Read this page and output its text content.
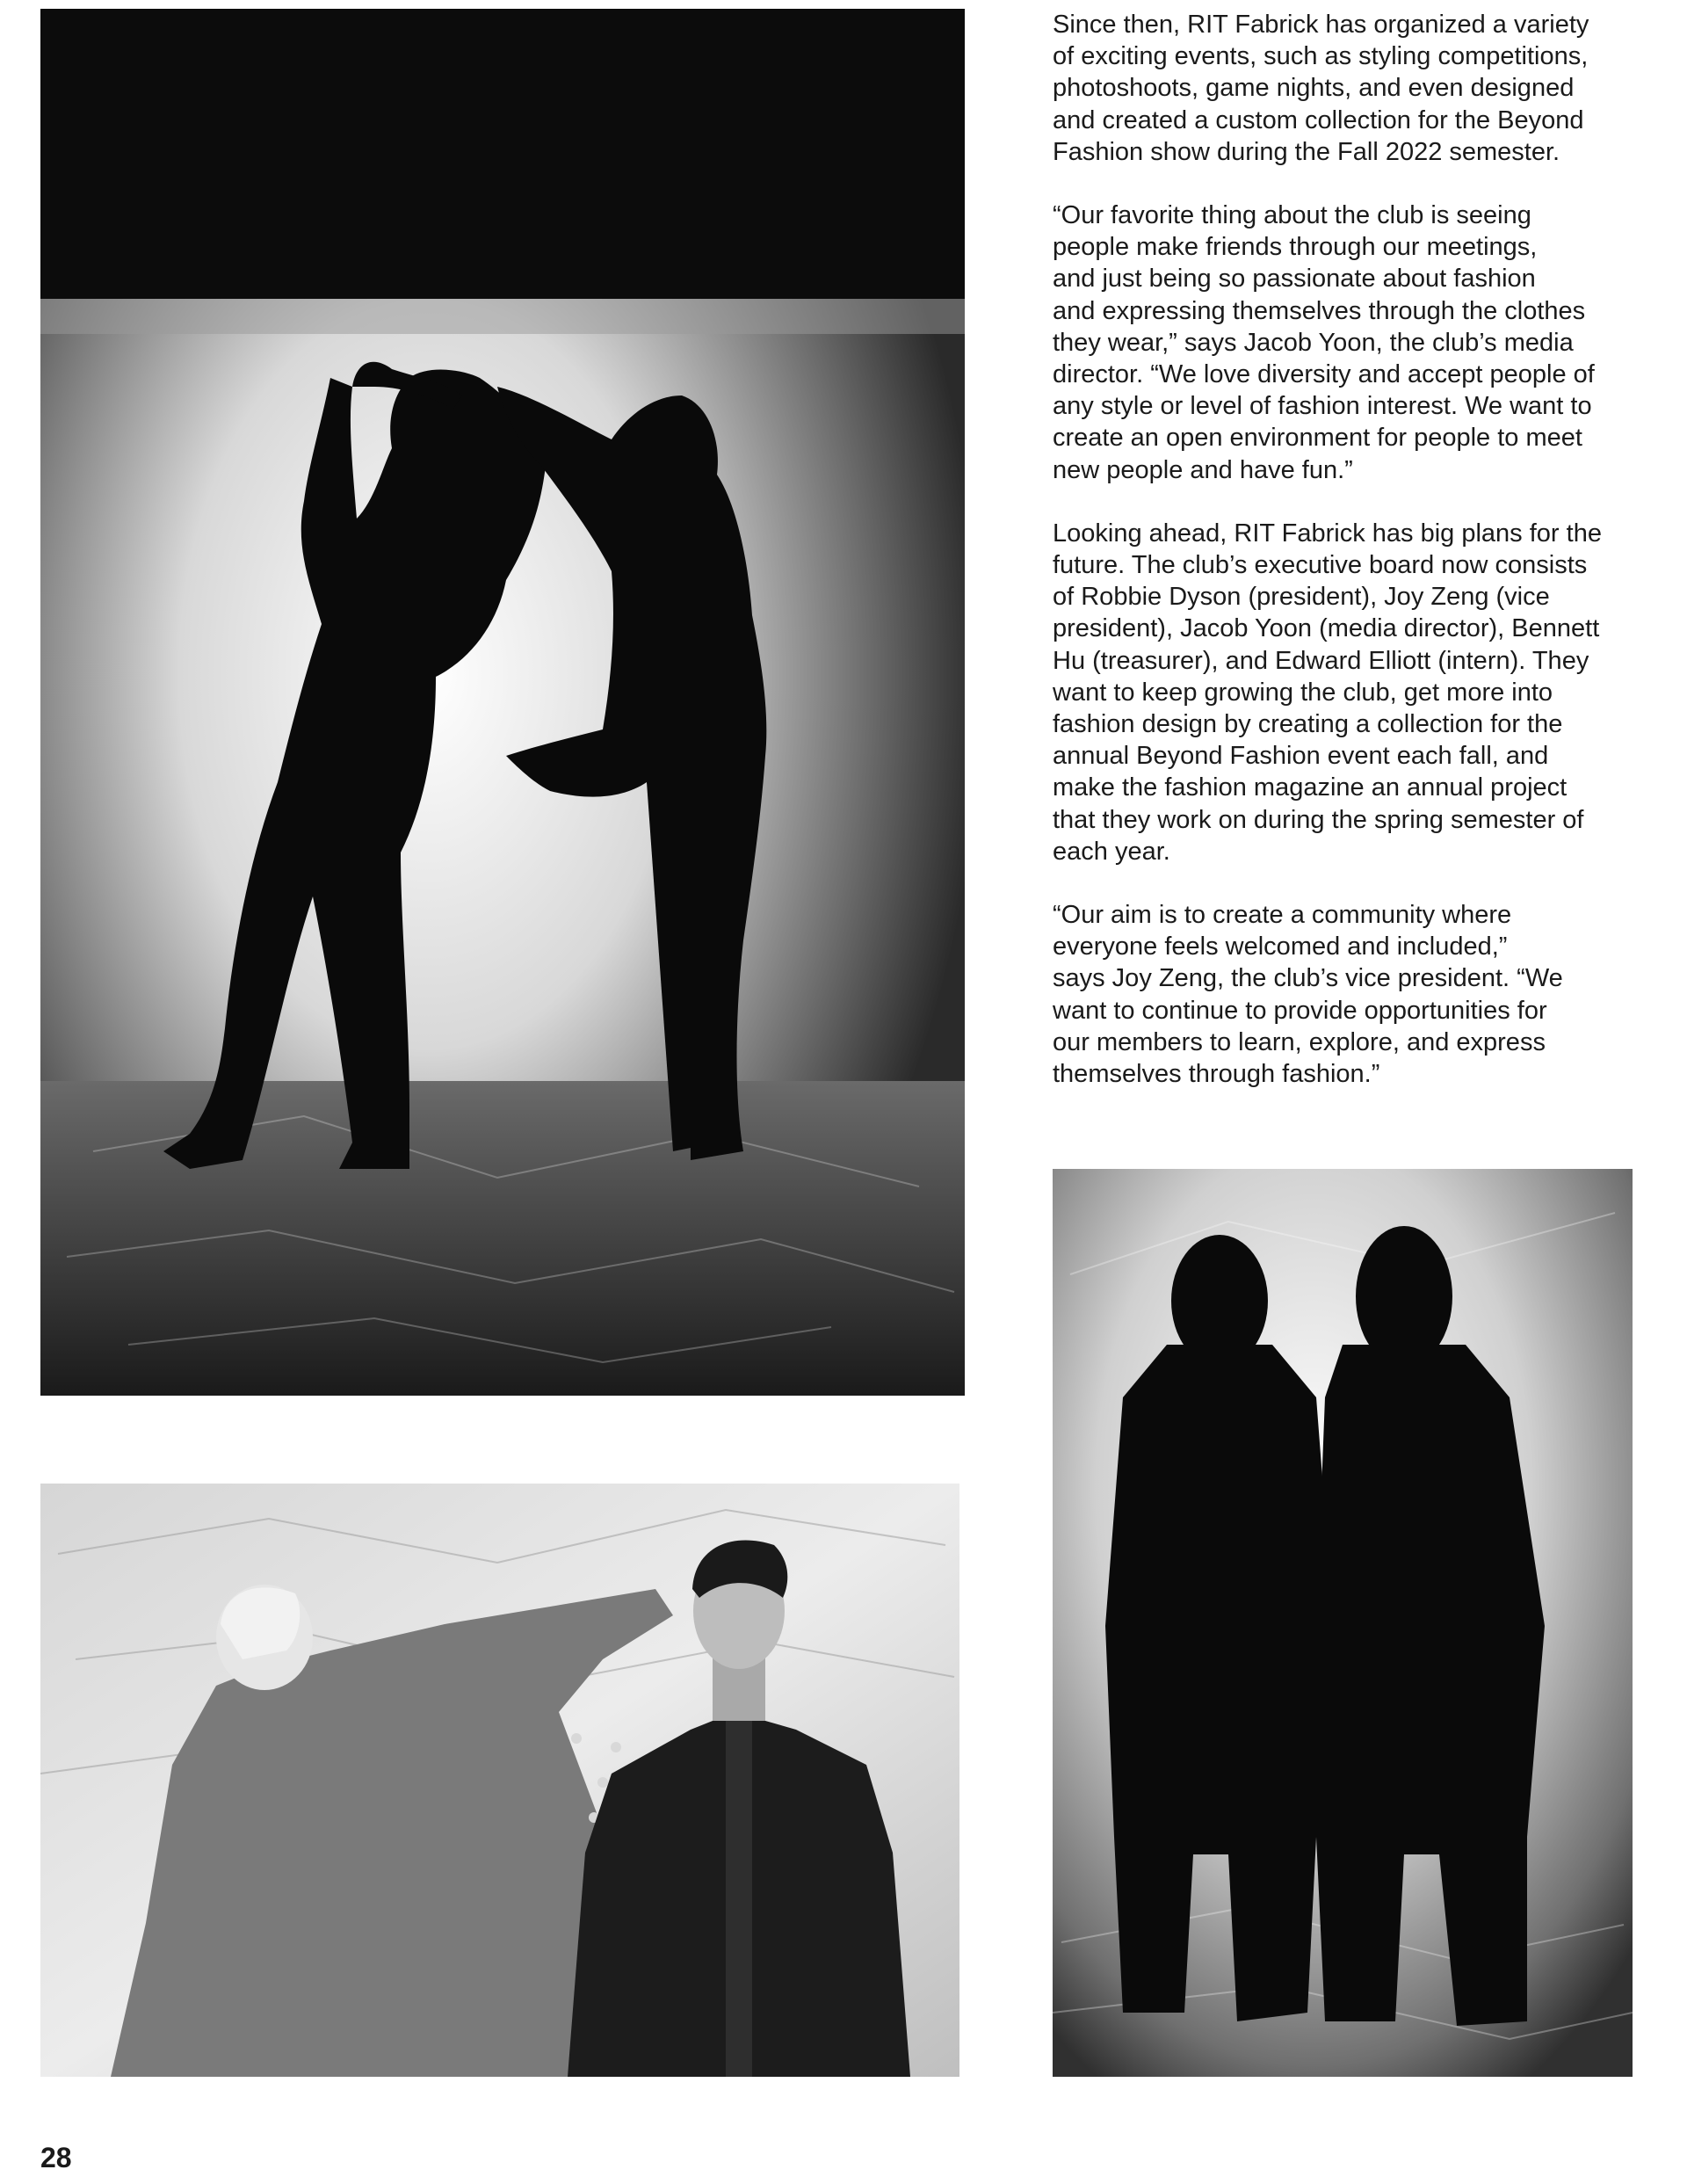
Since then, RIT Fabrick has organized a variety
of exciting events, such as styling competitions,
photoshoots, game nights, and even designed
and created a custom collection for the Beyond
Fashion show during the Fall 2022 semester.

“Our favorite thing about the club is seeing
people make friends through our meetings,
and just being so passionate about fashion
and expressing themselves through the clothes
they wear,” says Jacob Yoon, the club’s media
director. “We love diversity and accept people of
any style or level of fashion interest. We want to
create an open environment for people to meet
new people and have fun.”

Looking ahead, RIT Fabrick has big plans for the
future. The club’s executive board now consists
of Robbie Dyson (president), Joy Zeng (vice
president), Jacob Yoon (media director), Bennett
Hu (treasurer), and Edward Elliott (intern). They
want to keep growing the club, get more into
fashion design by creating a collection for the
annual Beyond Fashion event each fall, and
make the fashion magazine an annual project
that they work on during the spring semester of
each year.

“Our aim is to create a community where
everyone feels welcomed and included,”
says Joy Zeng, the club’s vice president. “We
want to continue to provide opportunities for
our members to learn, explore, and express
themselves through fashion.”

28
